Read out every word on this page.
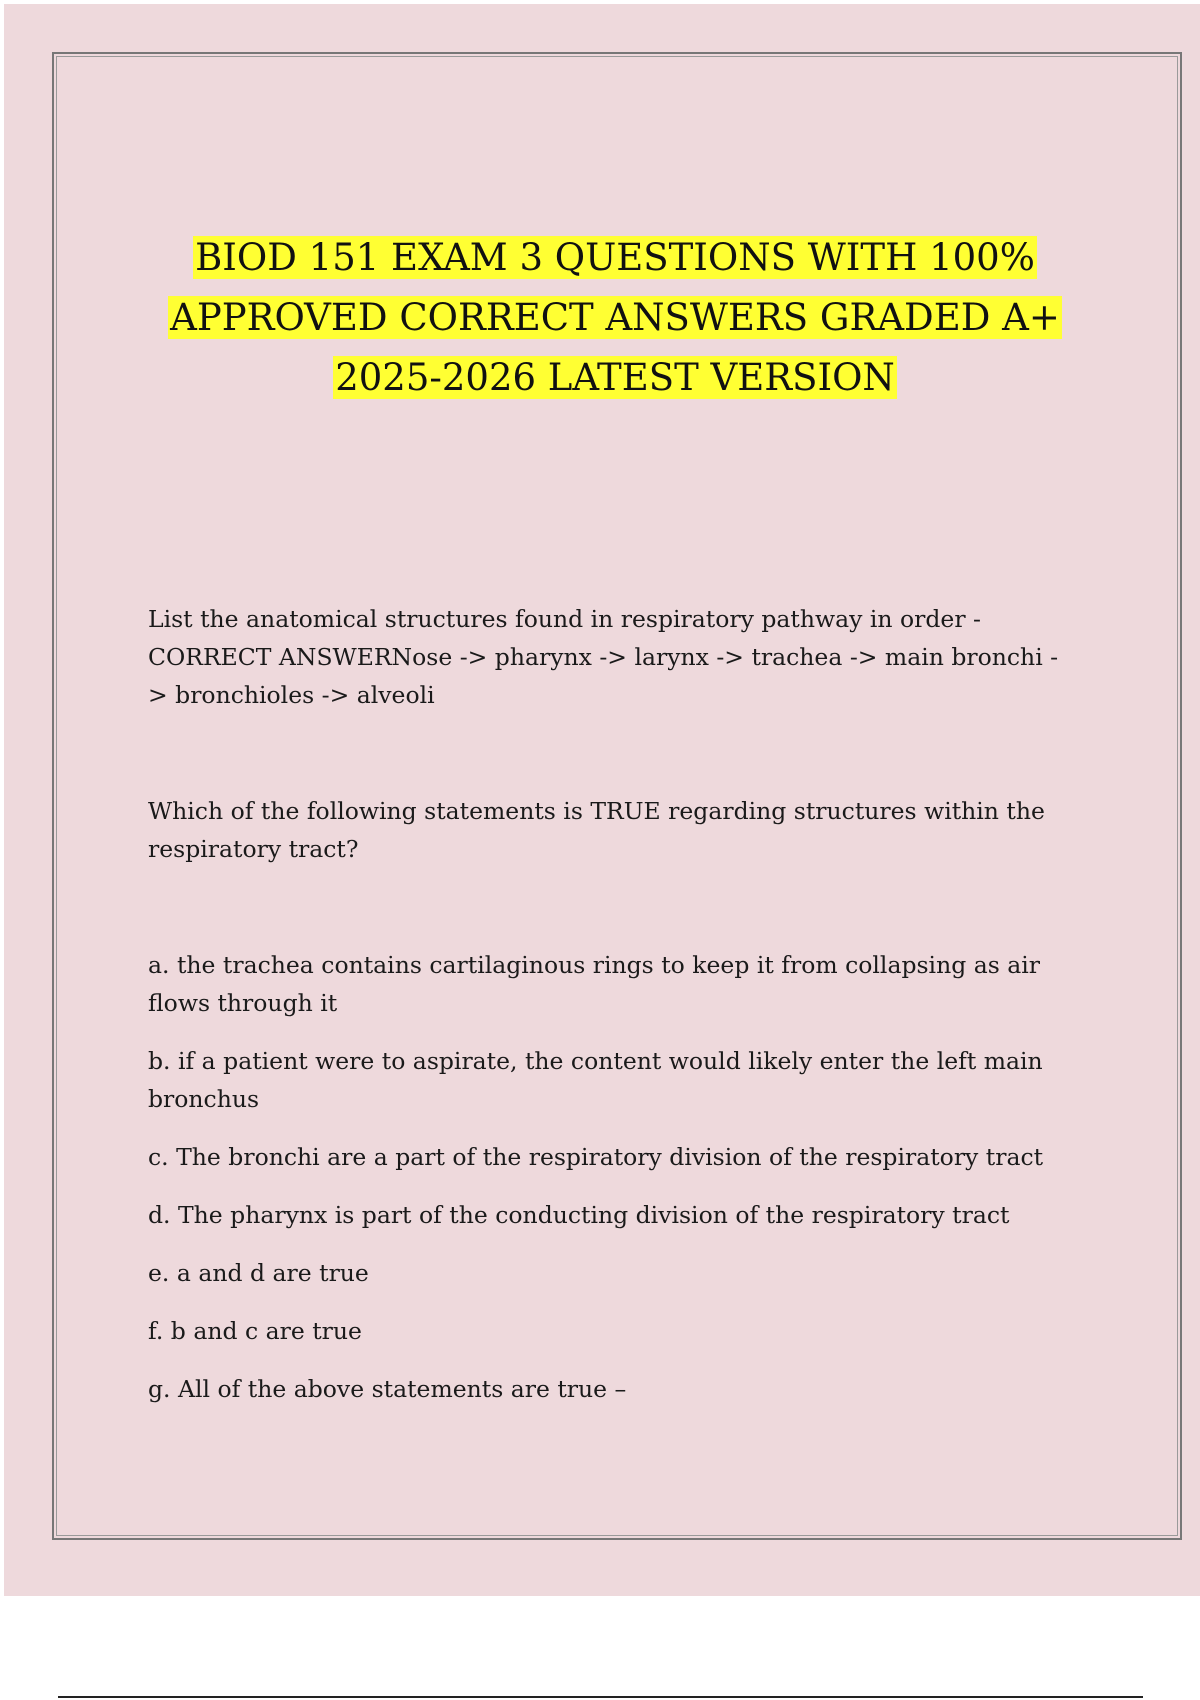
BIOD 151 EXAM 3 QUESTIONS WITH 100%
APPROVED CORRECT ANSWERS GRADED A+
2025-2026 LATEST VERSION

List the anatomical structures found in respiratory pathway in order - CORRECT ANSWERNose -> pharynx -> larynx -> trachea -> main bronchi -> bronchioles -> alveoli

Which of the following statements is TRUE regarding structures within the respiratory tract?

a. the trachea contains cartilaginous rings to keep it from collapsing as air flows through it

b. if a patient were to aspirate, the content would likely enter the left main bronchus

c. The bronchi are a part of the respiratory division of the respiratory tract

d. The pharynx is part of the conducting division of the respiratory tract

e. a and d are true

f. b and c are true

g. All of the above statements are true –
